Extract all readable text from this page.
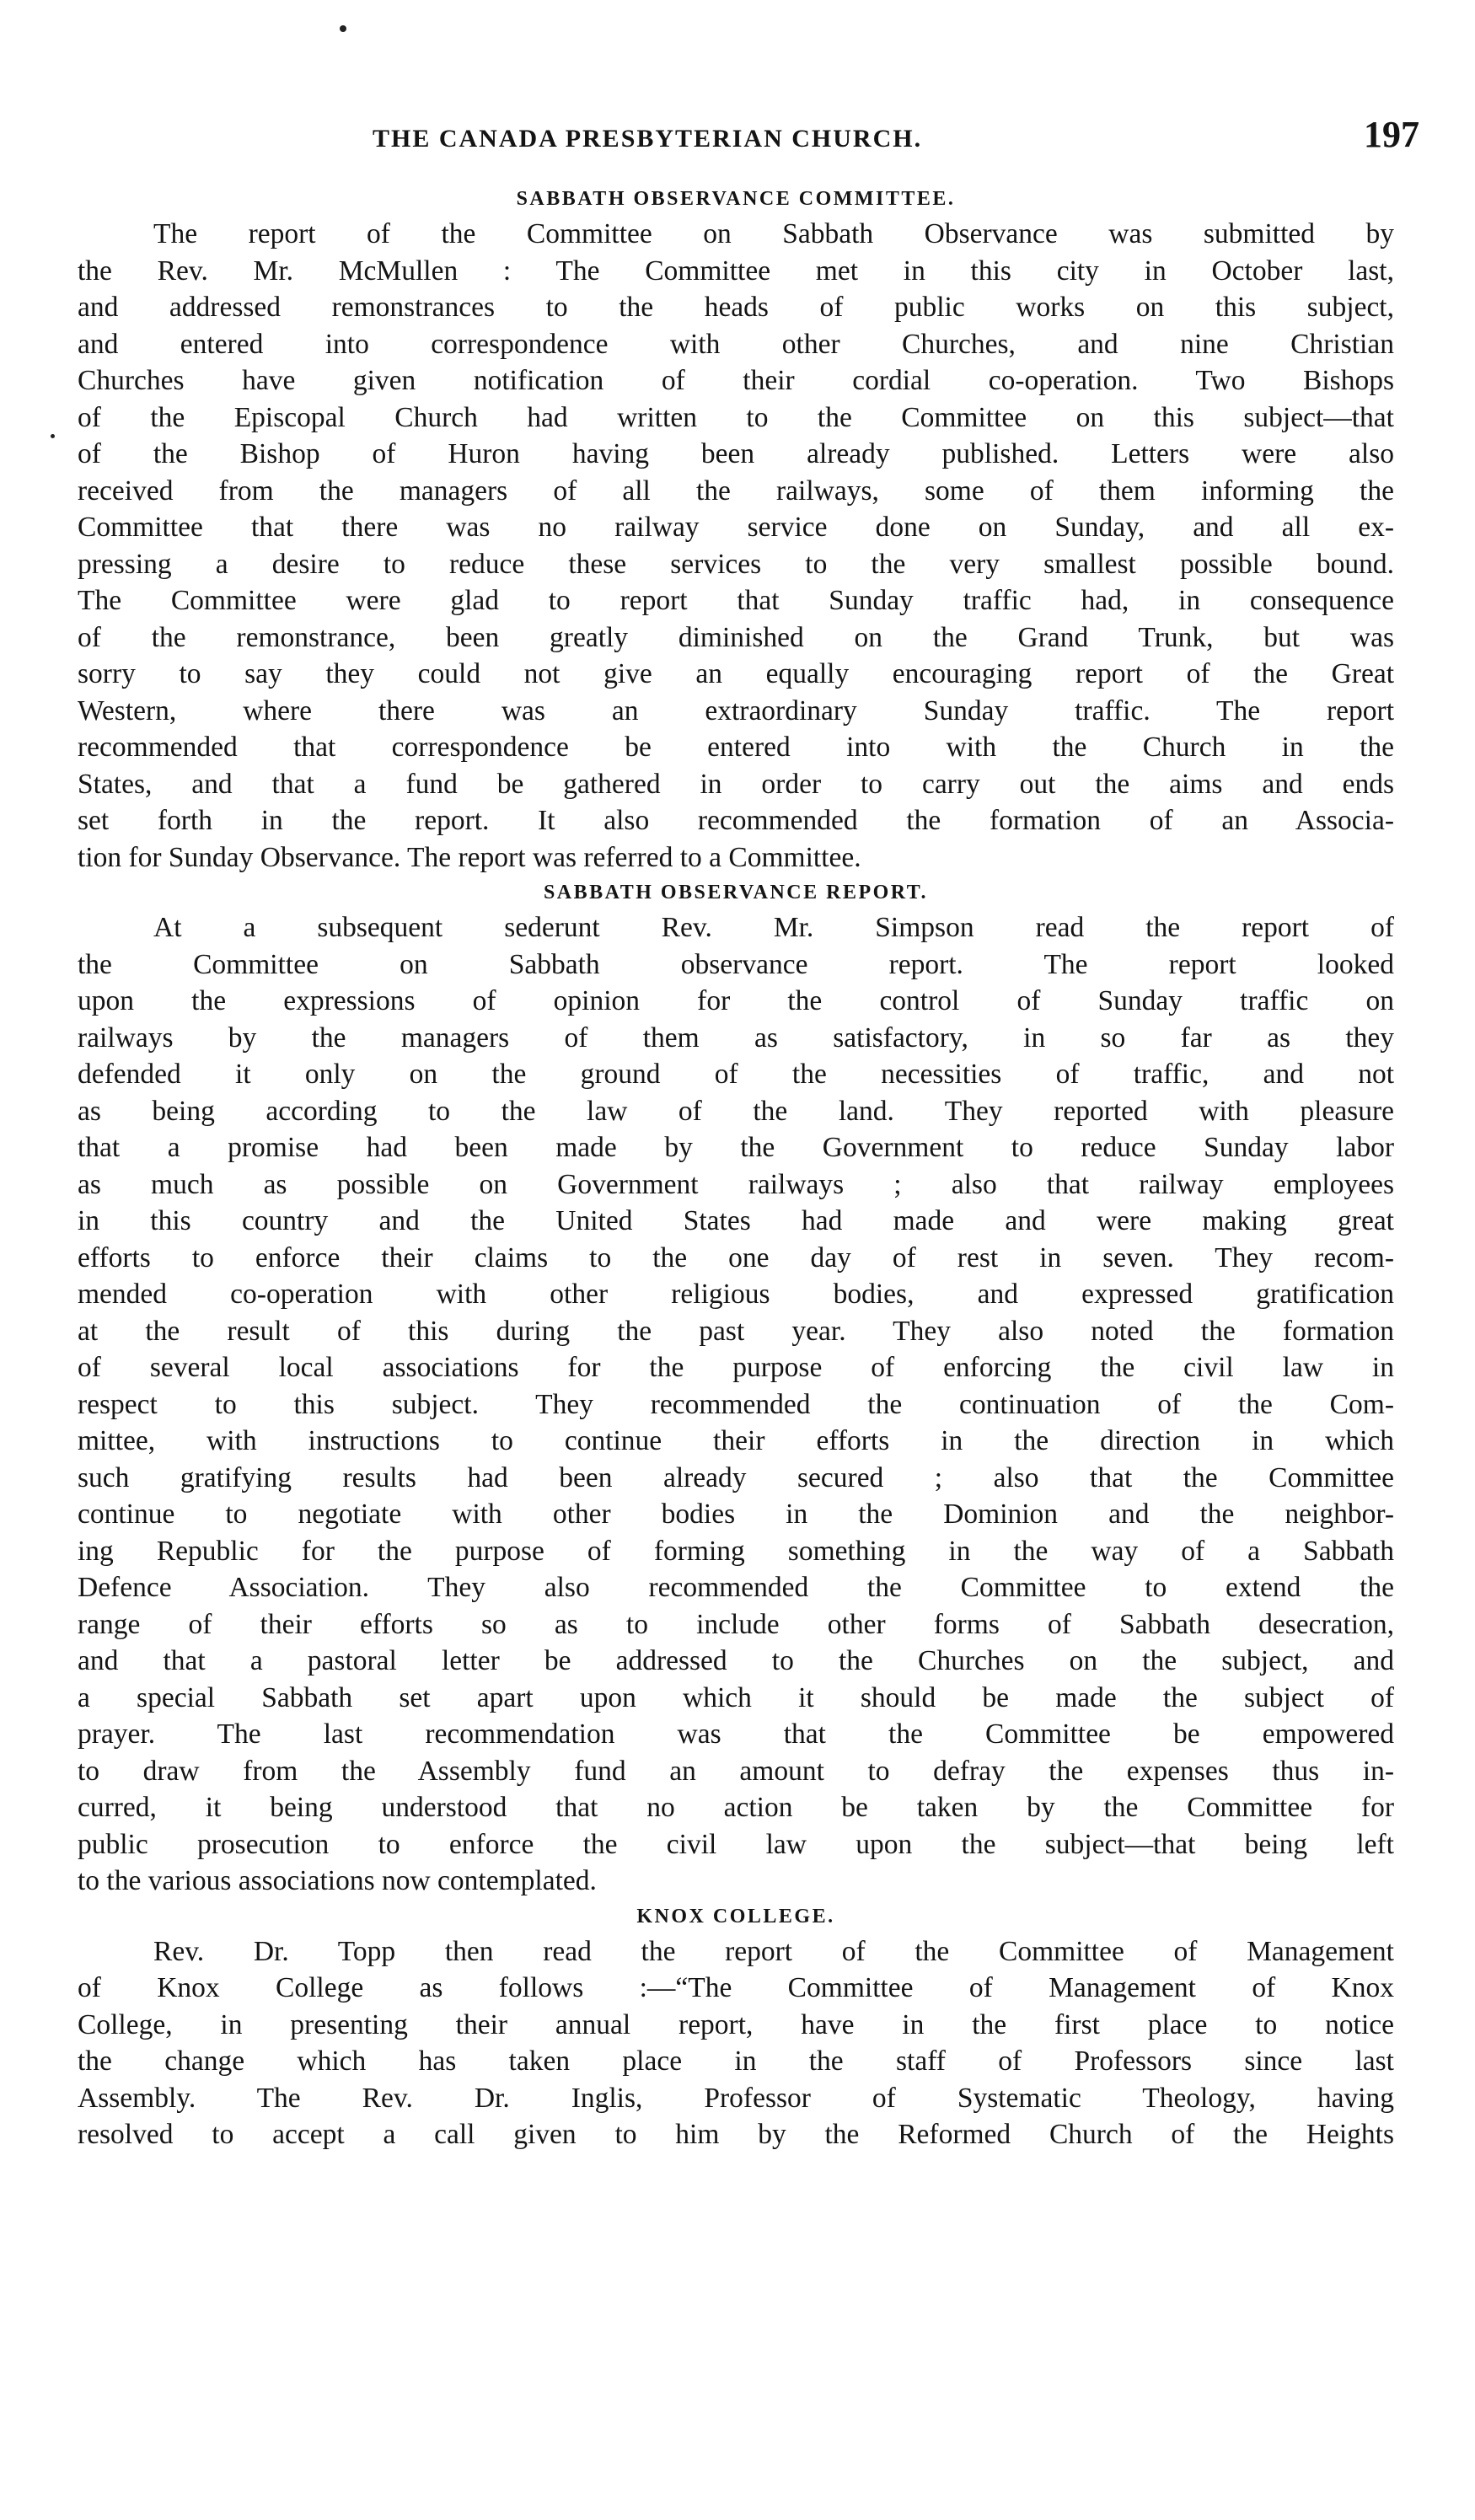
THE CANADA PRESBYTERIAN CHURCH.	197
SABBATH OBSERVANCE COMMITTEE.
The report of the Committee on Sabbath Observance was submitted by
the Rev. Mr. McMullen : The Committee met in this city in October last,
and addressed remonstrances to the heads of public works on this subject,
and entered into correspondence with other Churches, and nine Christian
Churches have given notification of their cordial co-operation. Two Bishops
of the Episcopal Church had written to the Committee on this subject—that
of the Bishop of Huron having been already published. Letters were also
received from the managers of all the railways, some of them informing the
Committee that there was no railway service done on Sunday, and all ex-
pressing a desire to reduce these services to the very smallest possible bound.
The Committee were glad to report that Sunday traffic had, in consequence
of the remonstrance, been greatly diminished on the Grand Trunk, but was
sorry to say they could not give an equally encouraging report of the Great
Western, where there was an extraordinary Sunday traffic. The report
recommended that correspondence be entered into with the Church in the
States, and that a fund be gathered in order to carry out the aims and ends
set forth in the report. It also recommended the formation of an Associa-
tion for Sunday Observance. The report was referred to a Committee.
SABBATH OBSERVANCE REPORT.
At a subsequent sederunt Rev. Mr. Simpson read the report of
the Committee on Sabbath observance report. The report looked
upon the expressions of opinion for the control of Sunday traffic on
railways by the managers of them as satisfactory, in so far as they
defended it only on the ground of the necessities of traffic, and not
as being according to the law of the land. They reported with pleasure
that a promise had been made by the Government to reduce Sunday labor
as much as possible on Government railways ; also that railway employees
in this country and the United States had made and were making great
efforts to enforce their claims to the one day of rest in seven. They recom-
mended co-operation with other religious bodies, and expressed gratification
at the result of this during the past year. They also noted the formation
of several local associations for the purpose of enforcing the civil law in
respect to this subject. They recommended the continuation of the Com-
mittee, with instructions to continue their efforts in the direction in which
such gratifying results had been already secured ; also that the Committee
continue to negotiate with other bodies in the Dominion and the neighbor-
ing Republic for the purpose of forming something in the way of a Sabbath
Defence Association. They also recommended the Committee to extend the
range of their efforts so as to include other forms of Sabbath desecration,
and that a pastoral letter be addressed to the Churches on the subject, and
a special Sabbath set apart upon which it should be made the subject of
prayer. The last recommendation was that the Committee be empowered
to draw from the Assembly fund an amount to defray the expenses thus in-
curred, it being understood that no action be taken by the Committee for
public prosecution to enforce the civil law upon the subject—that being left
to the various associations now contemplated.
KNOX COLLEGE.
Rev. Dr. Topp then read the report of the Committee of Management
of Knox College as follows :—“The Committee of Management of Knox
College, in presenting their annual report, have in the first place to notice
the change which has taken place in the staff of Professors since last
Assembly. The Rev. Dr. Inglis, Professor of Systematic Theology, having
resolved to accept a call given to him by the Reformed Church of the Heights
